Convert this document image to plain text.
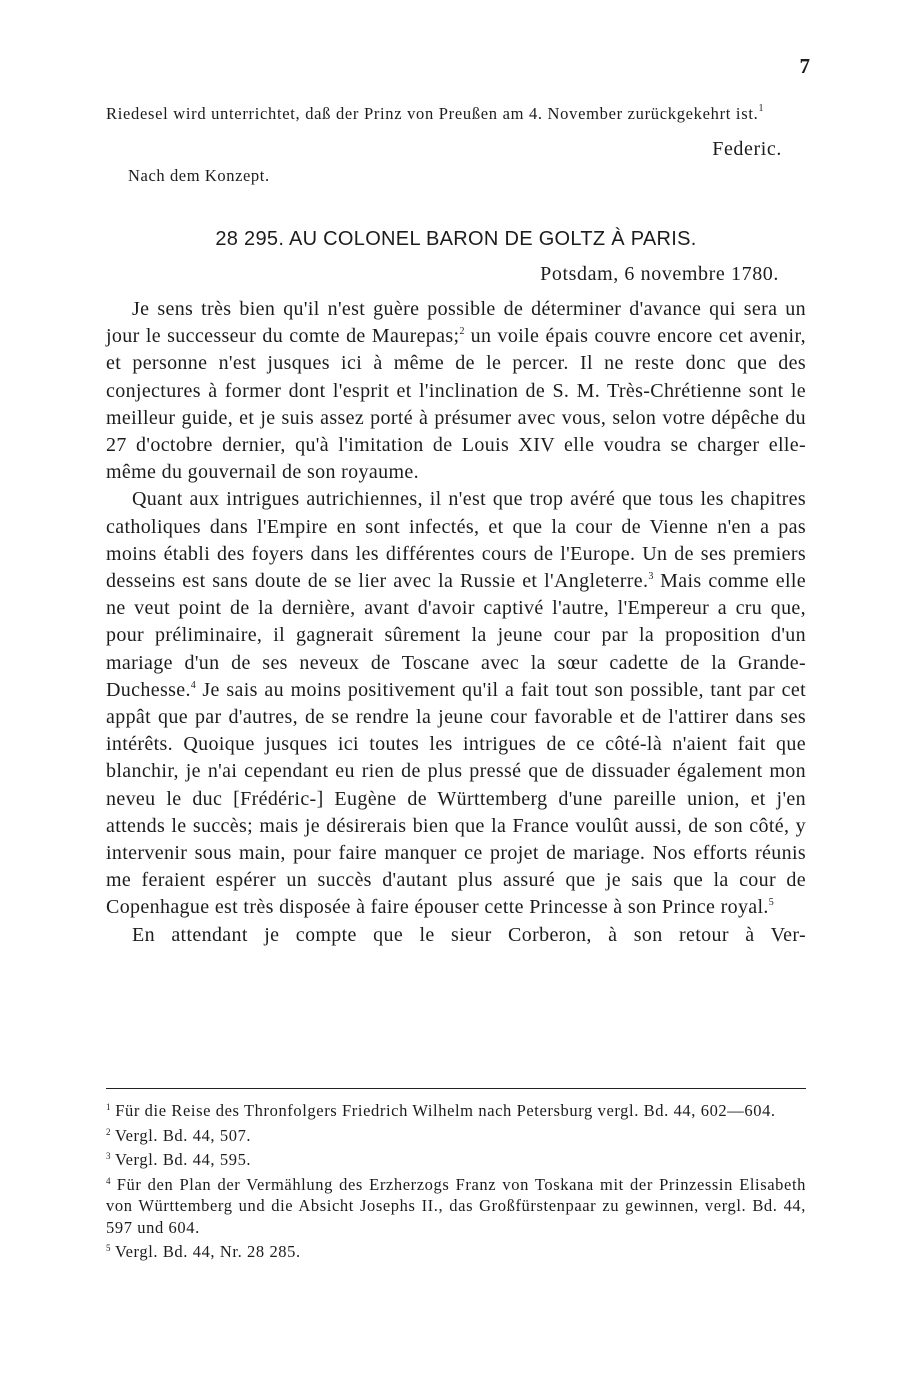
7
Riedesel wird unterrichtet, daß der Prinz von Preußen am 4. November zurückgekehrt ist.$^1$
Federic.
Nach dem Konzept.
28 295. AU COLONEL BARON DE GOLTZ À PARIS.
Potsdam, 6 novembre 1780.

Je sens très bien qu'il n'est guère possible de déterminer d'avance qui sera un jour le successeur du comte de Maurepas;$^2$ un voile épais couvre encore cet avenir, et personne n'est jusques ici à même de le percer. Il ne reste donc que des conjectures à former dont l'esprit et l'inclination de S. M. Très-Chrétienne sont le meilleur guide, et je suis assez porté à présumer avec vous, selon votre dépêche du 27 d'octobre dernier, qu'à l'imitation de Louis XIV elle voudra se charger elle-même du gouvernail de son royaume.

Quant aux intrigues autrichiennes, il n'est que trop avéré que tous les chapitres catholiques dans l'Empire en sont infectés, et que la cour de Vienne n'en a pas moins établi des foyers dans les différentes cours de l'Europe. Un de ses premiers desseins est sans doute de se lier avec la Russie et l'Angleterre.$^3$ Mais comme elle ne veut point de la dernière, avant d'avoir captivé l'autre, l'Empereur a cru que, pour préliminaire, il gagnerait sûrement la jeune cour par la proposition d'un mariage d'un de ses neveux de Toscane avec la sœur cadette de la Grande-Duchesse.$^4$ Je sais au moins positivement qu'il a fait tout son possible, tant par cet appât que par d'autres, de se rendre la jeune cour favorable et de l'attirer dans ses intérêts. Quoique jusques ici toutes les intrigues de ce côté-là n'aient fait que blanchir, je n'ai cependant eu rien de plus pressé que de dissuader également mon neveu le duc [Frédéric-] Eugène de Württemberg d'une pareille union, et j'en attends le succès; mais je désirerais bien que la France voulût aussi, de son côté, y intervenir sous main, pour faire manquer ce projet de mariage. Nos efforts réunis me feraient espérer un succès d'autant plus assuré que je sais que la cour de Copenhague est très disposée à faire épouser cette Princesse à son Prince royal.$^5$

En attendant je compte que le sieur Corberon, à son retour à Ver-

$^1$ Für die Reise des Thronfolgers Friedrich Wilhelm nach Petersburg vergl. Bd. 44, 602—604.
$^2$ Vergl. Bd. 44, 507.
$^3$ Vergl. Bd. 44, 595.
$^4$ Für den Plan der Vermählung des Erzherzogs Franz von Toskana mit der Prinzessin Elisabeth von Württemberg und die Absicht Josephs II., das Großfürstenpaar zu gewinnen, vergl. Bd. 44, 597 und 604.
$^5$ Vergl. Bd. 44, Nr. 28 285.
